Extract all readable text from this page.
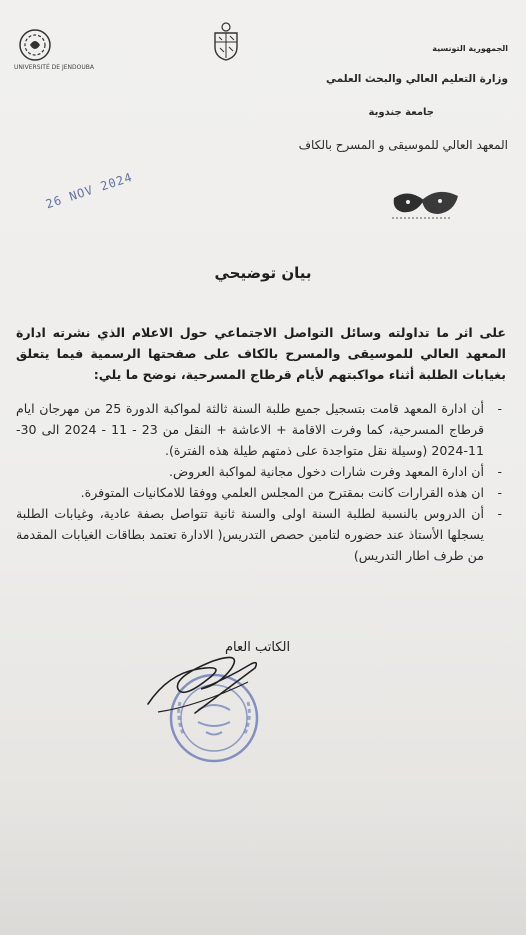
UNIVERSITÉ DE JENDOUBA
الجمهورية التونسية
وزارة التعليم العالي والبحث العلمي
جامعة جندوبة
المعهد العالي للموسيقى و المسرح بالكاف
26 NOV 2024
بيان توضيحي
على اثر ما تداولته وسائل التواصل الاجتماعي حول الاعلام الذي نشرته ادارة المعهد العالي للموسيقى والمسرح بالكاف على صفحتها الرسمية فيما يتعلق بغيابات الطلبة أثناء مواكبتهم لأيام قرطاج المسرحية، نوضح ما يلي:
-
أن ادارة المعهد قامت بتسجيل جميع طلبة السنة ثالثة لمواكبة الدورة 25 من مهرجان ايام قرطاج المسرحية، كما وفرت الاقامة + الاعاشة + النقل من 23 - 11 - 2024 الى 30-11-2024 (وسيلة نقل متواجدة على ذمتهم طيلة هذه الفترة).
-
أن ادارة المعهد وفرت شارات دخول مجانية لمواكبة العروض.
-
ان هذه القرارات كانت بمقترح من المجلس العلمي ووفقا للامكانيات المتوفرة.
-
أن الدروس بالنسبة لطلبة السنة اولى والسنة ثانية تتواصل بصفة عادية، وغيابات الطلبة يسجلها الأستاذ عند حضوره لتامين حصص التدريس( الادارة تعتمد بطاقات الغيابات المقدمة من طرف اطار التدريس)
الكاتب العام
